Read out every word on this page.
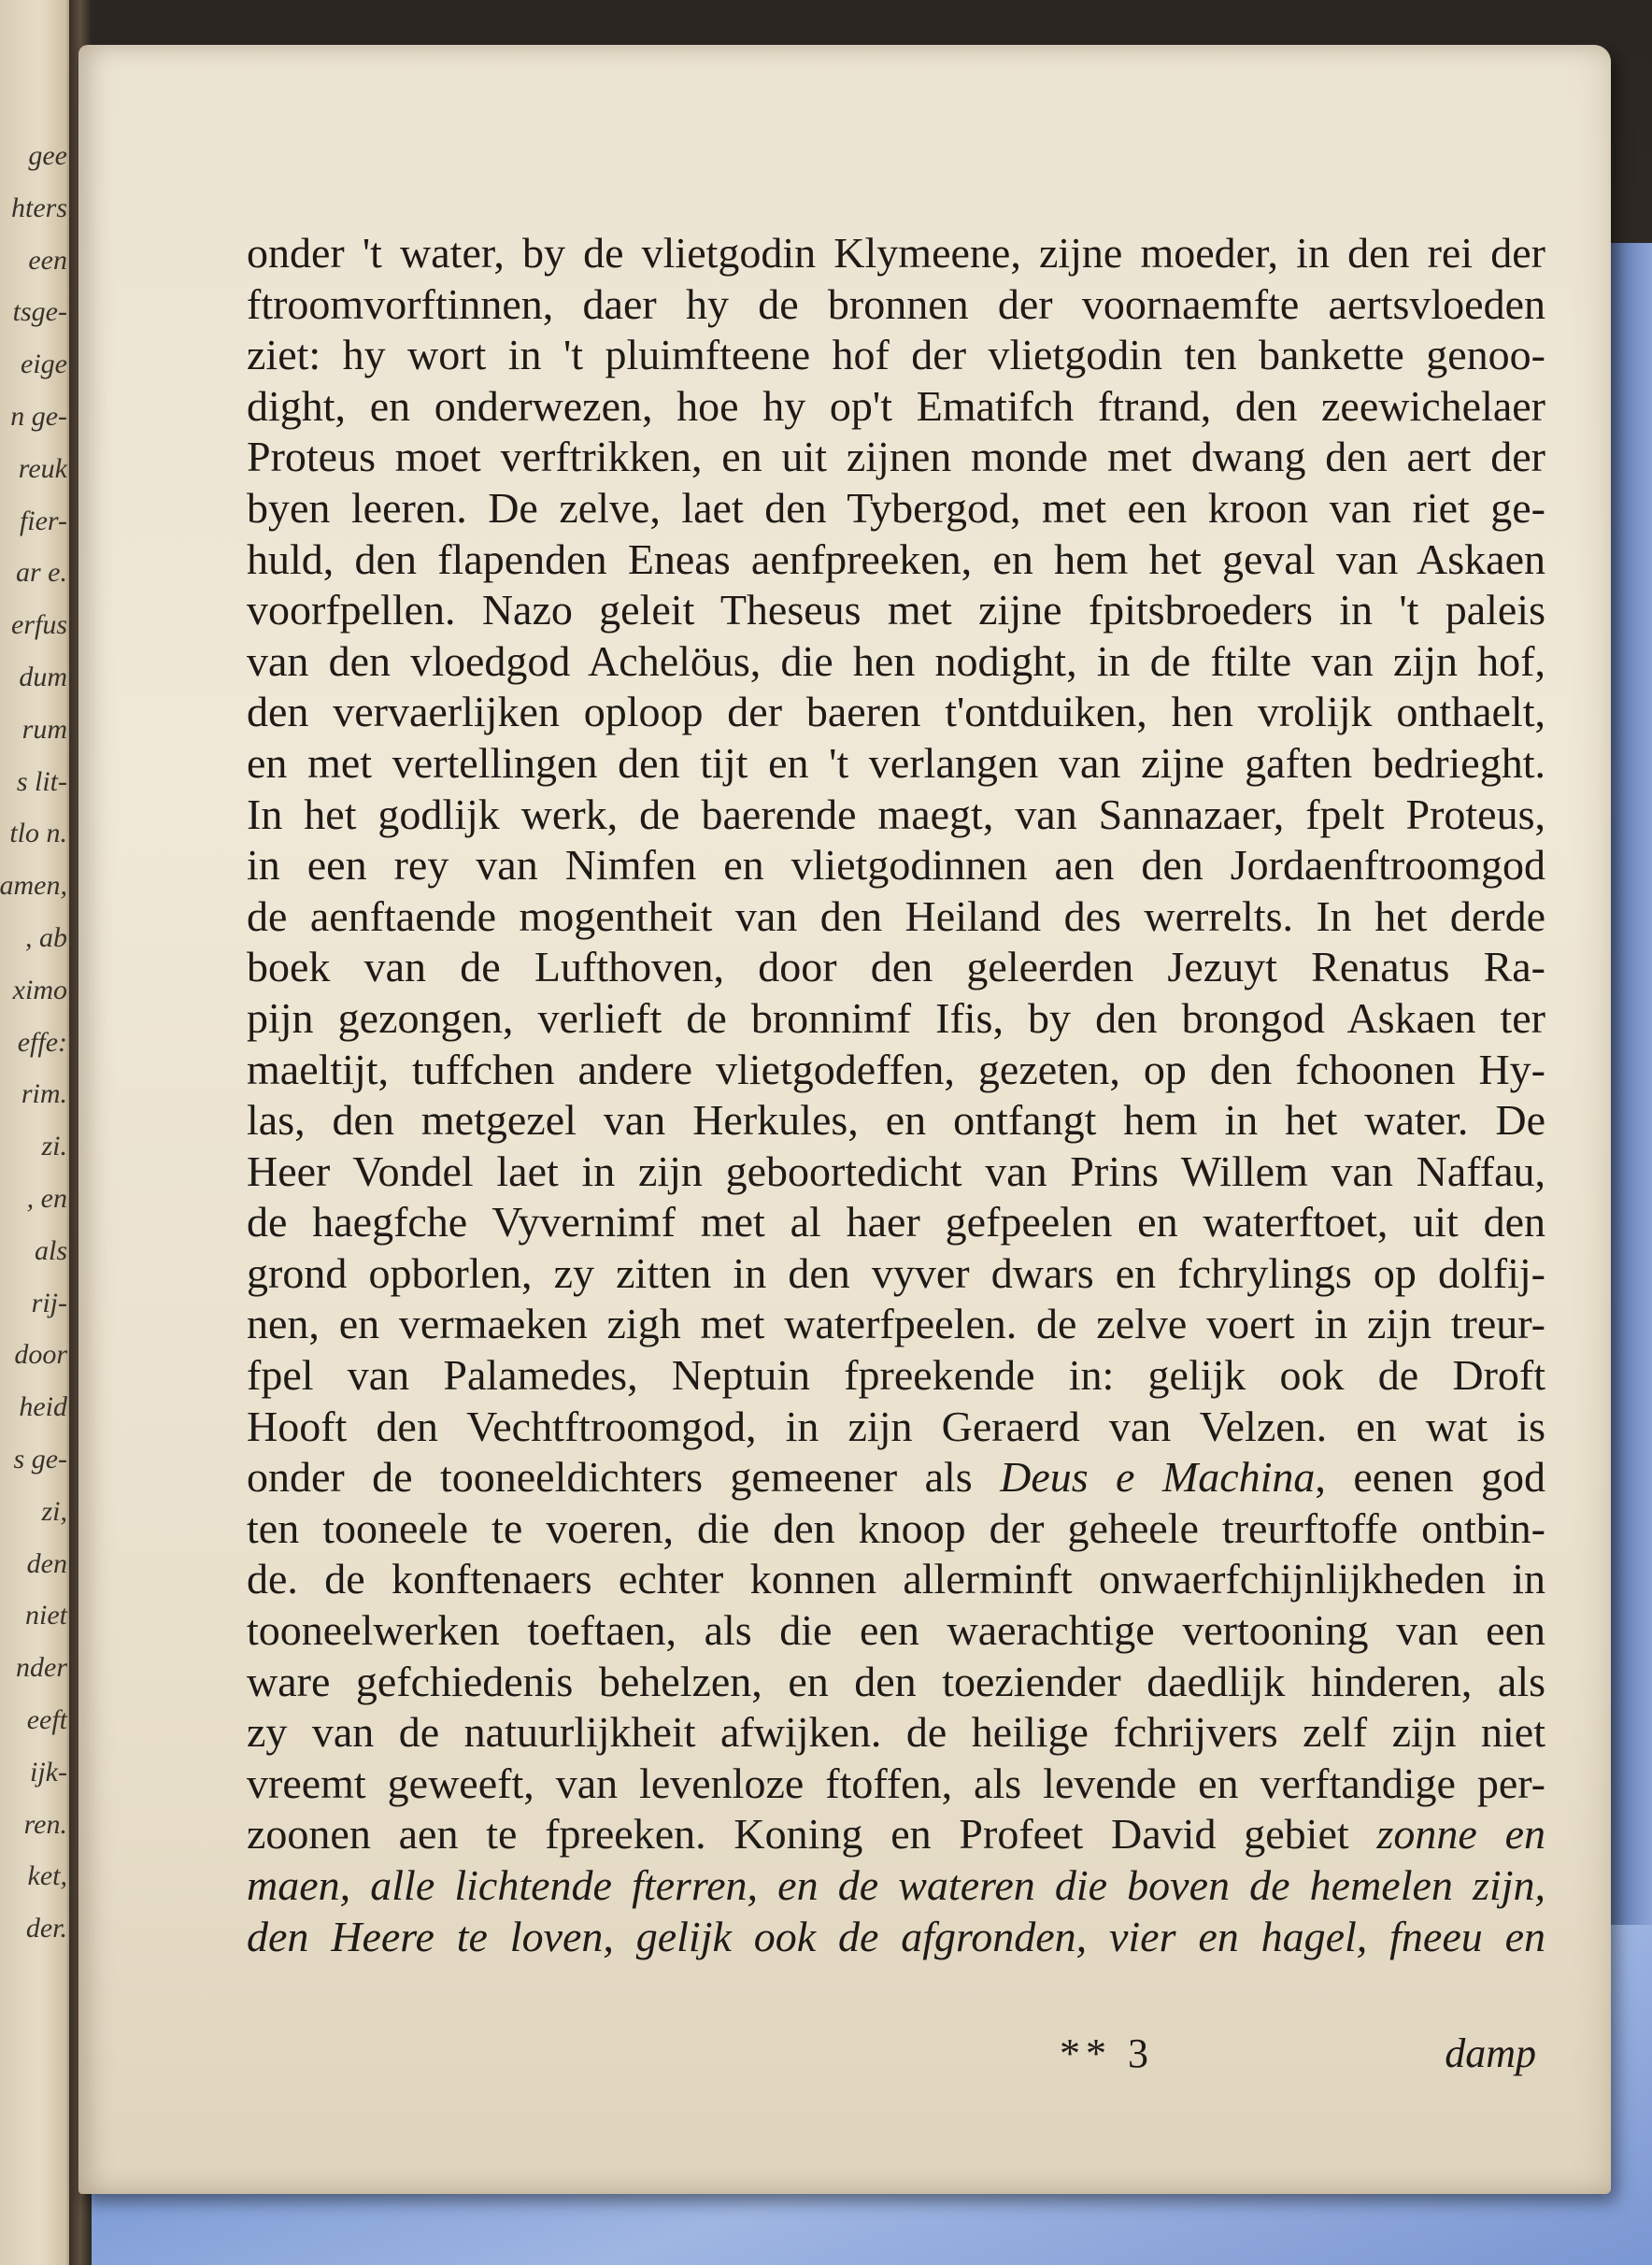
gee
hters
een
tsge-
eige
n ge-
reuk
fier-
ar e.
erfus
dum
rum
s lit-
tlo n.
amen,
, ab
ximo
effe:
rim.
zi.
, en
als
rij-
door
heid
s ge-
zi,
den
niet
nder
eeft
ijk-
ren.
ket,
der.
onder 't water, by de vlietgodin Klymeene, zijne moeder, in den rei der
ftroomvorftinnen, daer hy de bronnen der voornaemfte aertsvloeden
ziet: hy wort in 't pluimfteene hof der vlietgodin ten bankette genoo-
dight, en onderwezen, hoe hy op't Ematifch ftrand, den zeewichelaer
Proteus moet verftrikken, en uit zijnen monde met dwang den aert der
byen leeren. De zelve, laet den Tybergod, met een kroon van riet ge-
huld, den flapenden Eneas aenfpreeken, en hem het geval van Askaen
voorfpellen. Nazo geleit Theseus met zijne fpitsbroeders in 't paleis
van den vloedgod Achelöus, die hen nodight, in de ftilte van zijn hof,
den vervaerlijken oploop der baeren t'ontduiken, hen vrolijk onthaelt,
en met vertellingen den tijt en 't verlangen van zijne gaften bedrieght.
In het godlijk werk, de baerende maegt, van Sannazaer, fpelt Proteus,
in een rey van Nimfen en vlietgodinnen aen den Jordaenftroomgod
de aenftaende mogentheit van den Heiland des werrelts. In het derde
boek van de Lufthoven, door den geleerden Jezuyt Renatus Ra-
pijn gezongen, verlieft de bronnimf Ifis, by den brongod Askaen ter
maeltijt, tuffchen andere vlietgodeffen, gezeten, op den fchoonen Hy-
las, den metgezel van Herkules, en ontfangt hem in het water. De
Heer Vondel laet in zijn geboortedicht van Prins Willem van Naffau,
de haegfche Vyvernimf met al haer gefpeelen en waterftoet, uit den
grond opborlen, zy zitten in den vyver dwars en fchrylings op dolfij-
nen, en vermaeken zigh met waterfpeelen. de zelve voert in zijn treur-
fpel van Palamedes, Neptuin fpreekende in: gelijk ook de Droft
Hooft den Vechtftroomgod, in zijn Geraerd van Velzen. en wat is
onder de tooneeldichters gemeener als Deus e Machina, eenen god
ten tooneele te voeren, die den knoop der geheele treurftoffe ontbin-
de. de konftenaers echter konnen allerminft onwaerfchijnlijkheden in
tooneelwerken toeftaen, als die een waerachtige vertooning van een
ware gefchiedenis behelzen, en den toeziender daedlijk hinderen, als
zy van de natuurlijkheit afwijken. de heilige fchrijvers zelf zijn niet
vreemt geweeft, van levenloze ftoffen, als levende en verftandige per-
zoonen aen te fpreeken. Koning en Profeet David gebiet zonne en
maen, alle lichtende fterren, en de wateren die boven de hemelen zijn,
den Heere te loven, gelijk ook de afgronden, vier en hagel, fneeu en
** 3	damp
